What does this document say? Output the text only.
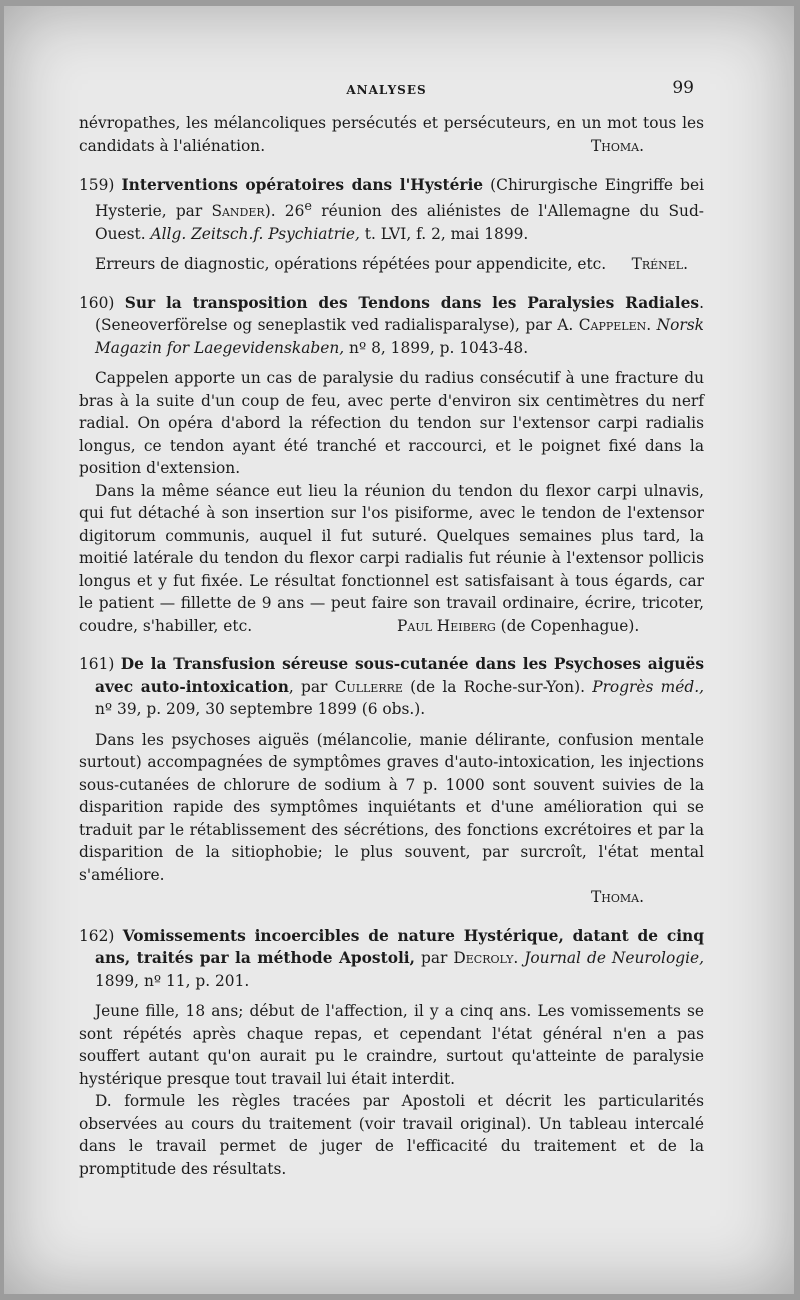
ANALYSES	99

névropathes, les mélancoliques persécutés et persécuteurs, en un mot tous les candidats à l'aliénation.	Thoma.

159) Interventions opératoires dans l'Hystérie (Chirurgische Eingriffe bei Hysterie, par Sander). 26e réunion des aliénistes de l'Allemagne du Sud-Ouest. Allg. Zeitsch.f. Psychiatrie, t. LVI, f. 2, mai 1899.

Erreurs de diagnostic, opérations répétées pour appendicite, etc.	Trénel.

160) Sur la transposition des Tendons dans les Paralysies Radiales. (Seneoverförelse og seneplastik ved radialisparalyse), par A. Cappelen. Norsk Magazin for Laegevidenskaben, nº 8, 1899, p. 1043-48.

Cappelen apporte un cas de paralysie du radius consécutif à une fracture du bras à la suite d'un coup de feu, avec perte d'environ six centimètres du nerf radial. On opéra d'abord la réfection du tendon sur l'extensor carpi radialis longus, ce tendon ayant été tranché et raccourci, et le poignet fixé dans la position d'extension.

Dans la même séance eut lieu la réunion du tendon du flexor carpi ulnavis, qui fut détaché à son insertion sur l'os pisiforme, avec le tendon de l'extensor digitorum communis, auquel il fut suturé. Quelques semaines plus tard, la moitié latérale du tendon du flexor carpi radialis fut réunie à l'extensor pollicis longus et y fut fixée. Le résultat fonctionnel est satisfaisant à tous égards, car le patient — fillette de 9 ans — peut faire son travail ordinaire, écrire, tricoter, coudre, s'habiller, etc.	Paul Heiberg (de Copenhague).

161) De la Transfusion séreuse sous-cutanée dans les Psychoses aiguës avec auto-intoxication, par Cullerre (de la Roche-sur-Yon). Progrès méd., nº 39, p. 209, 30 septembre 1899 (6 obs.).

Dans les psychoses aiguës (mélancolie, manie délirante, confusion mentale surtout) accompagnées de symptômes graves d'auto-intoxication, les injections sous-cutanées de chlorure de sodium à 7 p. 1000 sont souvent suivies de la disparition rapide des symptômes inquiétants et d'une amélioration qui se traduit par le rétablissement des sécrétions, des fonctions excrétoires et par la disparition de la sitiophobie; le plus souvent, par surcroît, l'état mental s'améliore.

Thoma.

162) Vomissements incoercibles de nature Hystérique, datant de cinq ans, traités par la méthode Apostoli, par Decroly. Journal de Neurologie, 1899, nº 11, p. 201.

Jeune fille, 18 ans; début de l'affection, il y a cinq ans. Les vomissements se sont répétés après chaque repas, et cependant l'état général n'en a pas souffert autant qu'on aurait pu le craindre, surtout qu'atteinte de paralysie hystérique presque tout travail lui était interdit.

D. formule les règles tracées par Apostoli et décrit les particularités observées au cours du traitement (voir travail original). Un tableau intercalé dans le travail permet de juger de l'efficacité du traitement et de la promptitude des résultats.
